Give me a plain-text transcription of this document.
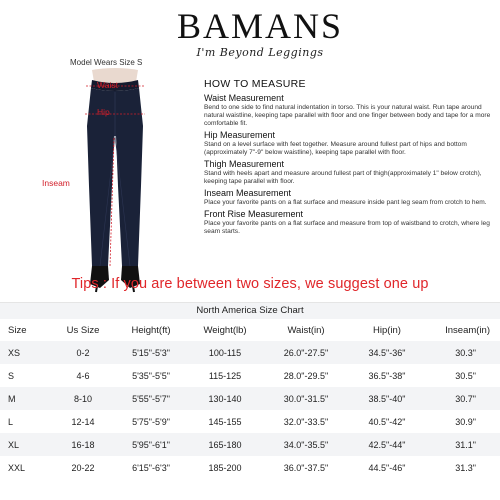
BAMANS
I'm Beyond Leggings
Model Wears Size S
Waist
Hip
Inseam
HOW TO MEASURE
Waist Measurement
Bend to one side to find natural indentation in torso. This is your natural waist. Run tape around natural waistline, keeping tape parallel with floor and one finger between body and tape for a more comfortable fit.
Hip Measurement
Stand on a level surface with feet together. Measure around fullest part of hips and bottom (approximately 7"-9" below waistline), keeping tape parallel with floor.
Thigh Measurement
Stand with heels apart and measure around fullest part of thigh(approximately 1" below crotch), keeping tape parallel with floor.
Inseam Measurement
Place your favorite pants on a flat surface and measure inside pant leg seam from crotch to hem.
Front Rise Measurement
Place your favorite pants on a flat surface and measure from top of waistband to crotch, where leg seam starts.
Tips : If you are between two sizes, we suggest one up
North America Size Chart
Size	Us Size	Height(ft)	Weight(lb)	Waist(in)	Hip(in)	Inseam(in)
XS	0-2	5'15"-5'3"	100-115	26.0"-27.5"	34.5"-36"	30.3"
S	4-6	5'35"-5'5"	115-125	28.0"-29.5"	36.5"-38"	30.5"
M	8-10	5'55"-5'7"	130-140	30.0"-31.5"	38.5"-40"	30.7"
L	12-14	5'75"-5'9"	145-155	32.0"-33.5"	40.5"-42"	30.9"
XL	16-18	5'95"-6'1"	165-180	34.0"-35.5"	42.5"-44"	31.1"
XXL	20-22	6'15"-6'3"	185-200	36.0"-37.5"	44.5"-46"	31.3"
